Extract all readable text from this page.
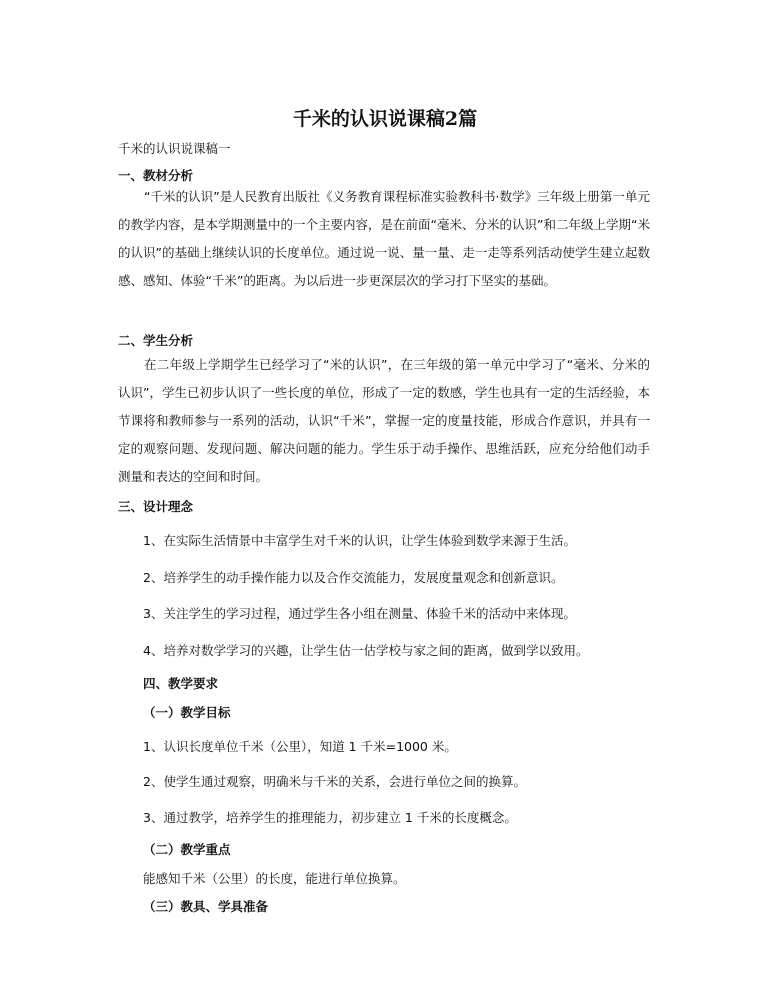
千米的认识说课稿2篇
千米的认识说课稿一
一、教材分析
“千米的认识”是人民教育出版社《义务教育课程标准实验教科书·数学》三年级上册第一单元的教学内容，是本学期测量中的一个主要内容，是在前面“毫米、分米的认识”和二年级上学期“米的认识”的基础上继续认识的长度单位。通过说一说、量一量、走一走等系列活动使学生建立起数感、感知、体验“千米”的距离。为以后进一步更深层次的学习打下坚实的基础。
二、学生分析
在二年级上学期学生已经学习了“米的认识”，在三年级的第一单元中学习了“毫米、分米的认识”，学生已初步认识了一些长度的单位，形成了一定的数感，学生也具有一定的生活经验，本节课将和教师参与一系列的活动，认识“千米”，掌握一定的度量技能，形成合作意识，并具有一定的观察问题、发现问题、解决问题的能力。学生乐于动手操作、思维活跃，应充分给他们动手测量和表达的空间和时间。
三、设计理念
1、在实际生活情景中丰富学生对千米的认识，让学生体验到数学来源于生活。
2、培养学生的动手操作能力以及合作交流能力，发展度量观念和创新意识。
3、关注学生的学习过程，通过学生各小组在测量、体验千米的活动中来体现。
4、培养对数学学习的兴趣，让学生估一估学校与家之间的距离，做到学以致用。
四、教学要求
（一）教学目标
1、认识长度单位千米（公里），知道 1 千米=1000 米。
2、使学生通过观察，明确米与千米的关系，会进行单位之间的换算。
3、通过教学，培养学生的推理能力，初步建立 1 千米的长度概念。
（二）教学重点
能感知千米（公里）的长度，能进行单位换算。
（三）教具、学具准备
